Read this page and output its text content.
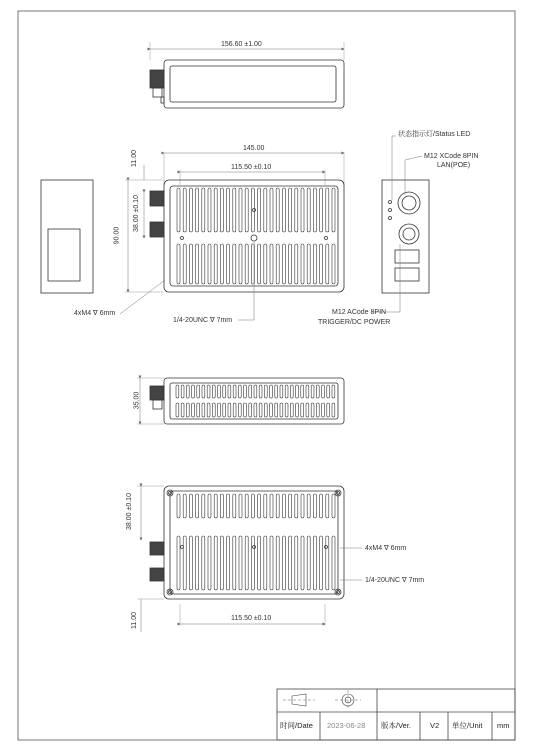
156.60 ±1.00
145.00
115.50 ±0.10
11.00
38.00 ±0.10
90.00
状态指示灯/Status LED
M12 XCode 8PIN
LAN(POE)
M12 ACode 8PIN
TRIGGER/DC POWER
4xM4 ∇ 6mm
1/4-20UNC ∇ 7mm
35.00
38.00 ±0.10
11.00	115.50 ±0.10
4xM4 ∇ 6mm
1/4-20UNC ∇ 7mm
时间/Date 2023-06-28 版本/Ver.	V2 单位/Unit mm
